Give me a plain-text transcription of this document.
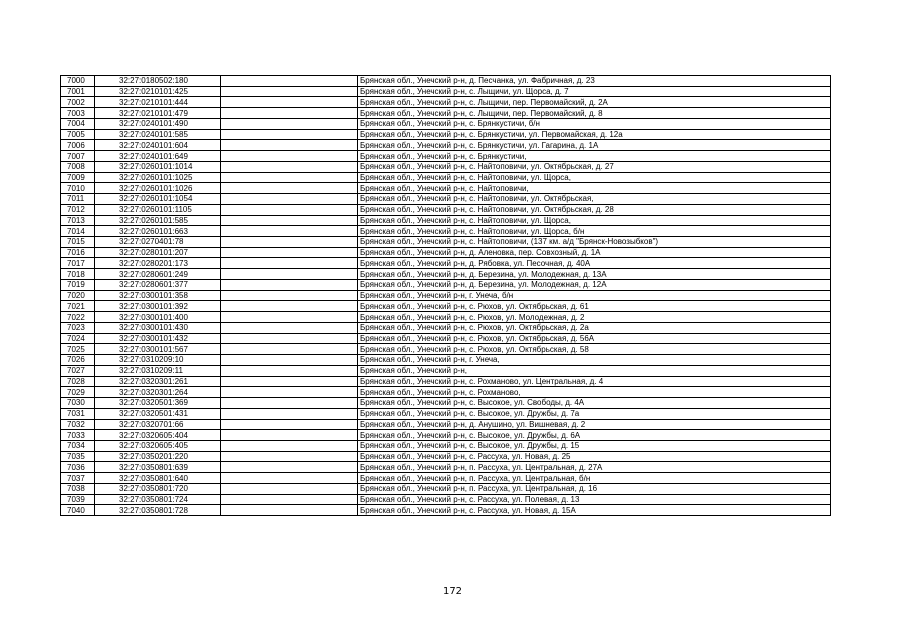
7000	32:27:0180502:180		Брянская обл., Унечский р-н, д. Песчанка, ул. Фабричная, д. 23
7001	32:27:0210101:425		Брянская обл., Унечский р-н, с. Лыщичи, ул. Щорса, д. 7
7002	32:27:0210101:444		Брянская обл., Унечский р-н, с. Лыщичи, пер. Первомайский, д. 2А
7003	32:27:0210101:479		Брянская обл., Унечский р-н, с. Лыщичи, пер. Первомайский, д. 8
7004	32:27:0240101:490		Брянская обл., Унечский р-н, с. Брянкустичи, б/н
7005	32:27:0240101:585		Брянская обл., Унечский р-н, с. Брянкустичи, ул. Первомайская, д. 12а
7006	32:27:0240101:604		Брянская обл., Унечский р-н, с. Брянкустичи, ул. Гагарина, д. 1А
7007	32:27:0240101:649		Брянская обл., Унечский р-н, с. Брянкустичи,
7008	32:27:0260101:1014		Брянская обл., Унечский р-н, с. Найтоповичи, ул. Октябрьская, д. 27
7009	32:27:0260101:1025		Брянская обл., Унечский р-н, с. Найтоповичи, ул. Щорса,
7010	32:27:0260101:1026		Брянская обл., Унечский р-н, с. Найтоповичи,
7011	32:27:0260101:1054		Брянская обл., Унечский р-н, с. Найтоповичи, ул. Октябрьская,
7012	32:27:0260101:1105		Брянская обл., Унечский р-н, с. Найтоповичи, ул. Октябрьская, д. 28
7013	32:27:0260101:585		Брянская обл., Унечский р-н, с. Найтоповичи, ул. Щорса,
7014	32:27:0260101:663		Брянская обл., Унечский р-н, с. Найтоповичи, ул. Щорса, б/н
7015	32:27:0270401:78		Брянская обл., Унечский р-н, с. Найтоповичи, (137 км. а/д "Брянск-Новозыбков")
7016	32:27:0280101:207		Брянская обл., Унечский р-н, д. Аленовка, пер. Совхозный, д. 1А
7017	32:27:0280201:173		Брянская обл., Унечский р-н, д. Рябовка, ул. Песочная, д. 40А
7018	32:27:0280601:249		Брянская обл., Унечский р-н, д. Березина, ул. Молодежная, д. 13А
7019	32:27:0280601:377		Брянская обл., Унечский р-н, д. Березина, ул. Молодежная, д. 12А
7020	32:27:0300101:358		Брянская обл., Унечский р-н, г. Унеча, б/н
7021	32:27:0300101:392		Брянская обл., Унечский р-н, с. Рюхов, ул. Октябрьская, д. 61
7022	32:27:0300101:400		Брянская обл., Унечский р-н, с. Рюхов, ул. Молодежная, д. 2
7023	32:27:0300101:430		Брянская обл., Унечский р-н, с. Рюхов, ул. Октябрьская, д. 2а
7024	32:27:0300101:432		Брянская обл., Унечский р-н, с. Рюхов, ул. Октябрьская, д. 56А
7025	32:27:0300101:567		Брянская обл., Унечский р-н, с. Рюхов, ул. Октябрьская, д. 58
7026	32:27:0310209:10		Брянская обл., Унечский р-н, г. Унеча,
7027	32:27:0310209:11		Брянская обл., Унечский р-н,
7028	32:27:0320301:261		Брянская обл., Унечский р-н, с. Рохманово, ул. Центральная, д. 4
7029	32:27:0320301:264		Брянская обл., Унечский р-н, с. Рохманово,
7030	32:27:0320501:369		Брянская обл., Унечский р-н, с. Высокое, ул. Свободы, д. 4А
7031	32:27:0320501:431		Брянская обл., Унечский р-н, с. Высокое, ул. Дружбы, д. 7а
7032	32:27:0320701:66		Брянская обл., Унечский р-н, д. Анушино, ул. Вишневая, д. 2
7033	32:27:0320605:404		Брянская обл., Унечский р-н, с. Высокое, ул. Дружбы, д. 6А
7034	32:27:0320605:405		Брянская обл., Унечский р-н, с. Высокое, ул. Дружбы, д. 15
7035	32:27:0350201:220		Брянская обл., Унечский р-н, с. Рассуха, ул. Новая, д. 25
7036	32:27:0350801:639		Брянская обл., Унечский р-н, п. Рассуха, ул. Центральная, д. 27А
7037	32:27:0350801:640		Брянская обл., Унечский р-н, п. Рассуха, ул. Центральная, б/н
7038	32:27:0350801:720		Брянская обл., Унечский р-н, п. Рассуха, ул. Центральная, д. 16
7039	32:27:0350801:724		Брянская обл., Унечский р-н, с. Рассуха, ул. Полевая, д. 13
7040	32:27:0350801:728		Брянская обл., Унечский р-н, с. Рассуха, ул. Новая, д. 15А
172
